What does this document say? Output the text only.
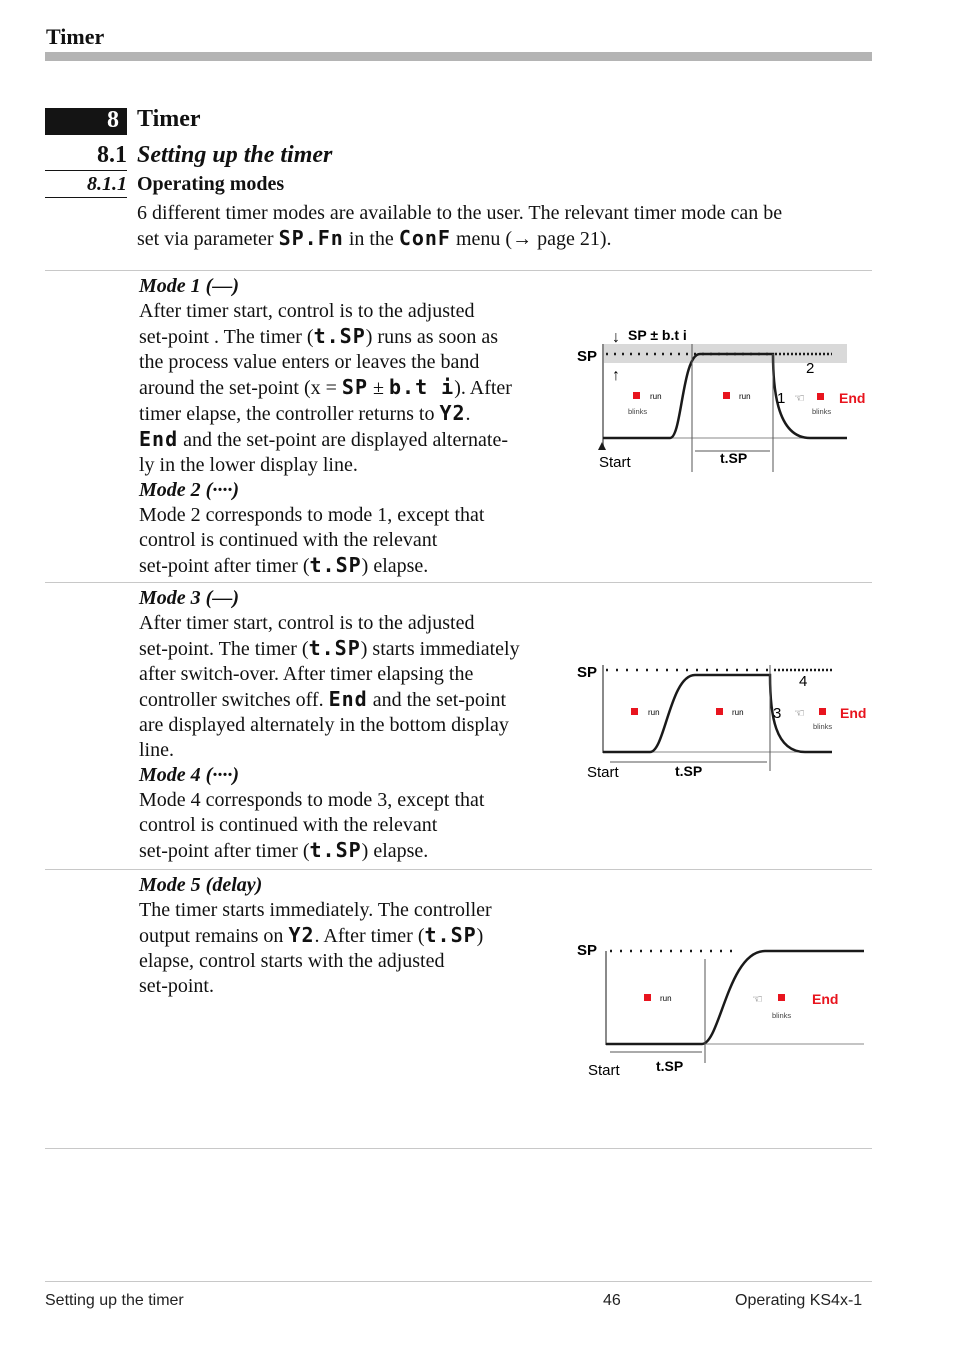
Timer
8 Timer
8.1 Setting up the timer
8.1.1 Operating modes
6 different timer modes are available to the user. The relevant timer mode can be
set via parameter SP.Fn in the ConF menu (→ page 21).
Mode 1 (—)
After timer start, control is to the adjusted
set-point . The timer (t.SP) runs as soon as
the process value enters or leaves the band
around the set-point (x = SP ± b.t i). After
timer elapse, the controller returns to Y2.
End and the set-point are displayed alternate-
ly in the lower display line.
Mode 2 (····)
Mode 2 corresponds to mode 1, except that
control is continued with the relevant
set-point after timer (t.SP) elapse.
SP
↓ SP ± b.t i
↑
run
blinks
run 1
2
☜
blinks
End
Start	t.SP
Mode 3 (—)
After timer start, control is to the adjusted
set-point. The timer (t.SP) starts immediately
after switch-over. After timer elapsing the
controller switches off. End and the set-point
are displayed alternately in the bottom display
line.
Mode 4 (····)
Mode 4 corresponds to mode 3, except that
control is continued with the relevant
set-point after timer (t.SP) elapse.
SP
run	run 3
4
☜
blinks
End
Start	t.SP
Mode 5 (delay)
The timer starts immediately. The controller
output remains on Y2. After timer (t.SP)
elapse, control starts with the adjusted
set-point.
SP
run	☜
blinks
End
Start	t.SP
Setting up the timer	46	Operating KS4x-1
